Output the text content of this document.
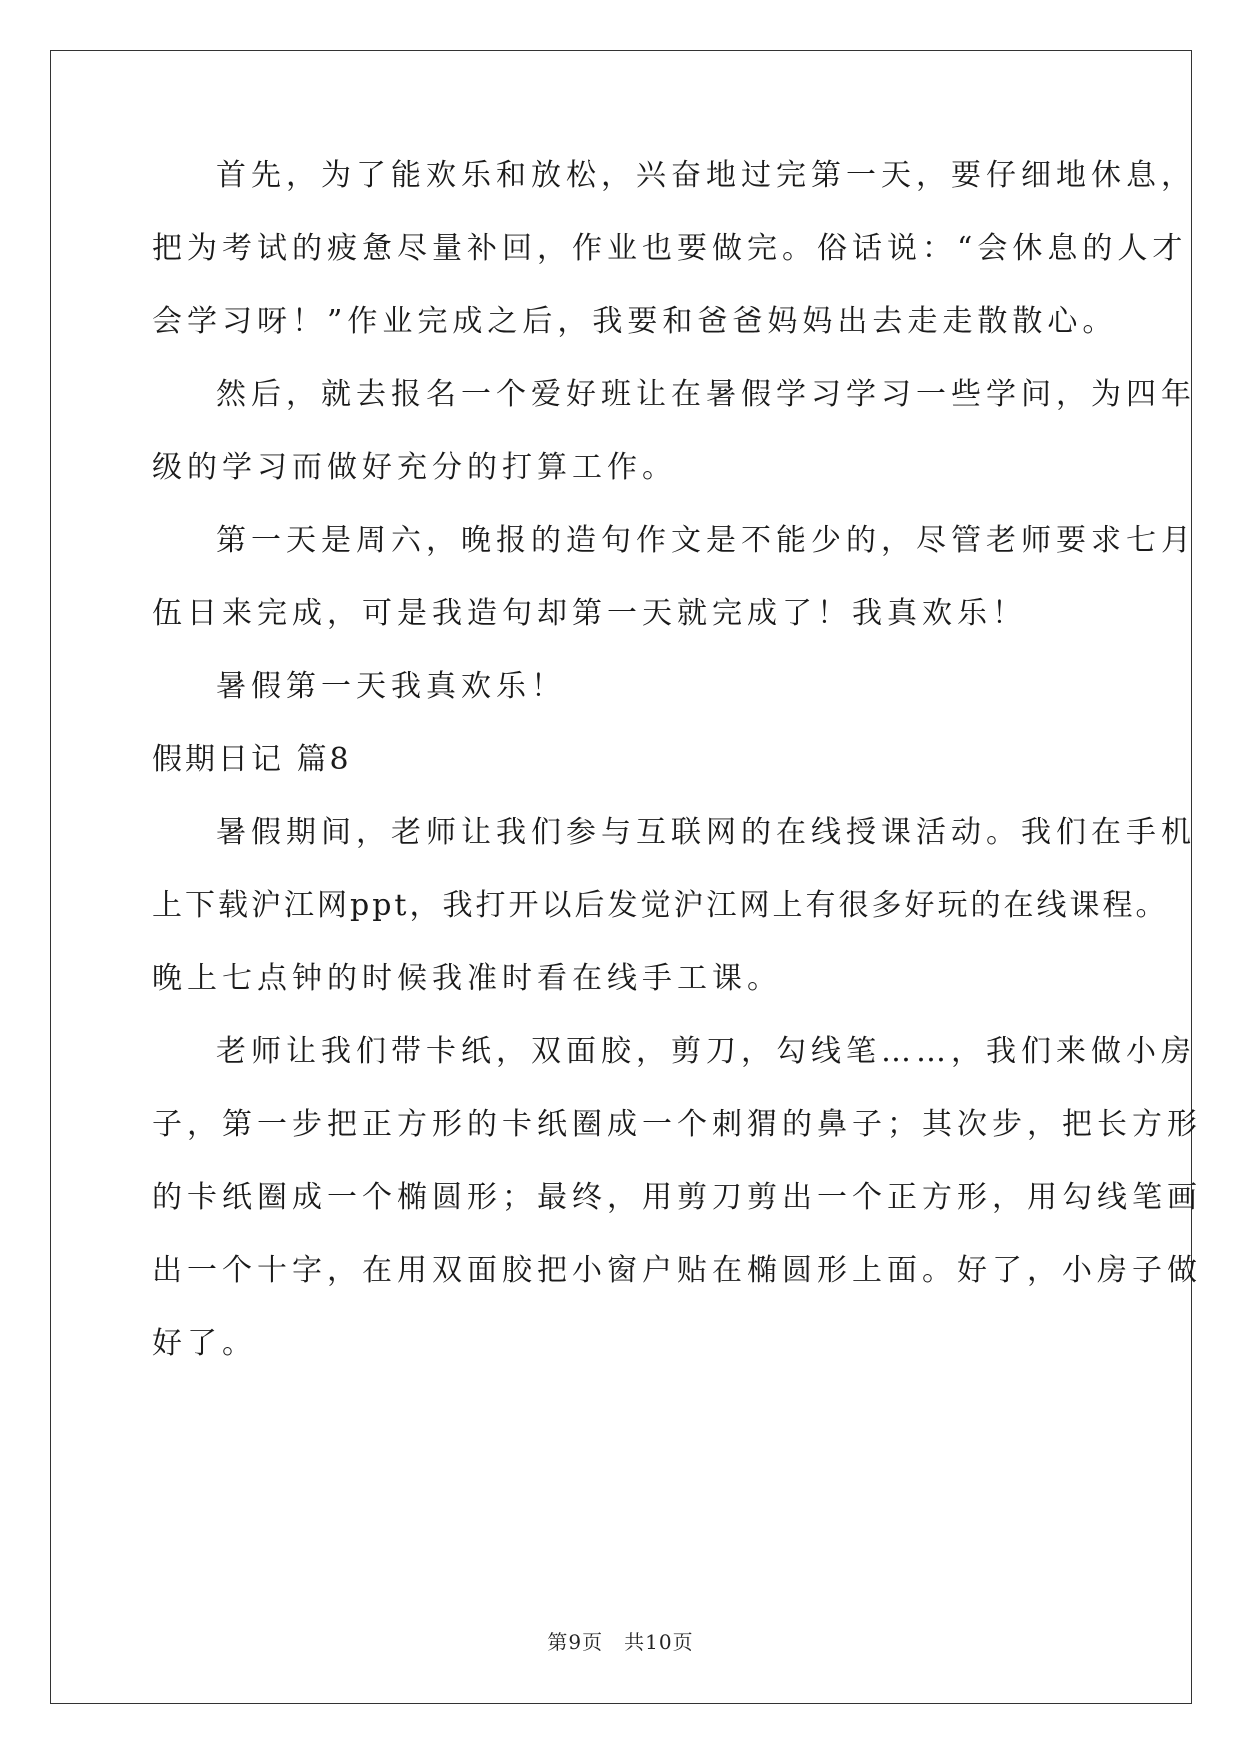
首先，为了能欢乐和放松，兴奋地过完第一天，要仔细地休息，
把为考试的疲惫尽量补回，作业也要做完。俗话说：“会休息的人才
会学习呀！”作业完成之后，我要和爸爸妈妈出去走走散散心。
然后，就去报名一个爱好班让在暑假学习学习一些学问，为四年
级的学习而做好充分的打算工作。
第一天是周六，晚报的造句作文是不能少的，尽管老师要求七月
伍日来完成，可是我造句却第一天就完成了！我真欢乐！
暑假第一天我真欢乐！
假期日记 篇8
暑假期间，老师让我们参与互联网的在线授课活动。我们在手机
上下载沪江网ppt，我打开以后发觉沪江网上有很多好玩的在线课程。
晚上七点钟的时候我准时看在线手工课。
老师让我们带卡纸，双面胶，剪刀，勾线笔……，我们来做小房
子，第一步把正方形的卡纸圈成一个刺猬的鼻子；其次步，把长方形
的卡纸圈成一个椭圆形；最终，用剪刀剪出一个正方形，用勾线笔画
出一个十字，在用双面胶把小窗户贴在椭圆形上面。好了，小房子做
好了。
第9页　共10页
